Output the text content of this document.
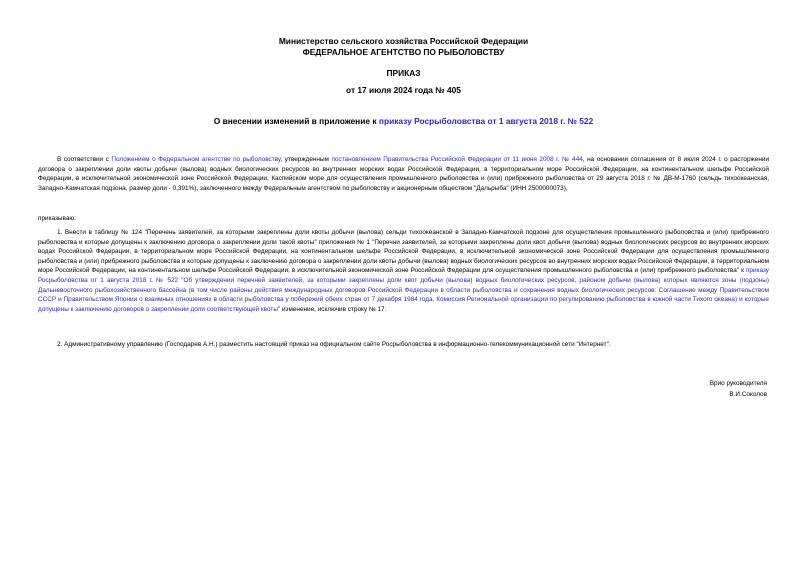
Министерство сельского хозяйства Российской Федерации
ФЕДЕРАЛЬНОЕ АГЕНТСТВО ПО РЫБОЛОВСТВУ
ПРИКАЗ
от 17 июля 2024 года № 405
О внесении изменений в приложение к приказу Росрыболовства от 1 августа 2018 г. № 522
В соответствии с Положением о Федеральном агентстве по рыболовству, утвержденным постановлением Правительства Российской Федерации от 11 июня 2008 г. № 444, на основании соглашения от 8 июля 2024 г. о расторжении договора о закреплении доли квоты добычи (вылова) водных биологических ресурсов во внутренних морских водах Российской Федерации, в территориальном море Российской Федерации, на континентальном шельфе Российской Федерации, в исключительной экономической зоне Российской Федерации, Каспийском море для осуществления промышленного рыболовства и (или) прибрежного рыболовства от 29 августа 2018 г. № ДВ-М-1760 (сельдь тихоокеанская, Западно-Камчатская подзона, размер доли - 0,391%), заключенного между Федеральным агентством по рыболовству и акционерным обществом "Дальрыба" (ИНН 2500000073),
приказываю:
1. Внести в таблицу № 124 "Перечень заявителей, за которыми закреплены доли квоты добычи (вылова) сельди тихоокеанской в Западно-Камчатской подзоне для осуществления промышленного рыболовства и (или) прибрежного рыболовства и которые допущены к заключению договора о закреплении доли такой квоты" приложения № 1 "Перечни заявителей, за которыми закреплены доли квот добычи (вылова) водных биологических ресурсов во внутренних морских водах Российской Федерации, в территориальном море Российской Федерации, на континентальном шельфе Российской Федерации, в исключительной экономической зоне Российской Федерации для осуществления промышленного рыболовства и (или) прибрежного рыболовства и которые допущены к заключению договора о закреплении доли квоты добычи (вылова) водных биологических ресурсов во внутренних морских водах Российской Федерации, в территориальном море Российской Федерации, на континентальном шельфе Российской Федерации, в исключительной экономической зоне Российской Федерации для осуществления промышленного рыболовства и (или) прибрежного рыболовства" к приказу Росрыболовства от 1 августа 2018 г. № 522 "Об утверждении перечней заявителей, за которыми закреплены доли квот добычи (вылова) водных биологических ресурсов, районом добычи (вылова) которых являются зоны (подзоны) Дальневосточного рыбохозяйственного бассейна (в том числе районы действия международных договоров Российской Федерации в области рыболовства и сохранения водных биологических ресурсов: Соглашение между Правительством СССР и Правительством Японии о взаимных отношениях в области рыболовства у побережий обеих стран от 7 декабря 1984 года, Комиссия Региональной организации по регулированию рыболовства в южной части Тихого океана) и которые допущены к заключению договоров о закреплении доли соответствующей квоты" изменение, исключив строку № 17.
2. Административному управлению (Господарев А.Н.) разместить настоящий приказ на официальном сайте Росрыболовства в информационно-телекоммуникационной сети "Интернет".
Врио руководителя
В.И.Соколов
